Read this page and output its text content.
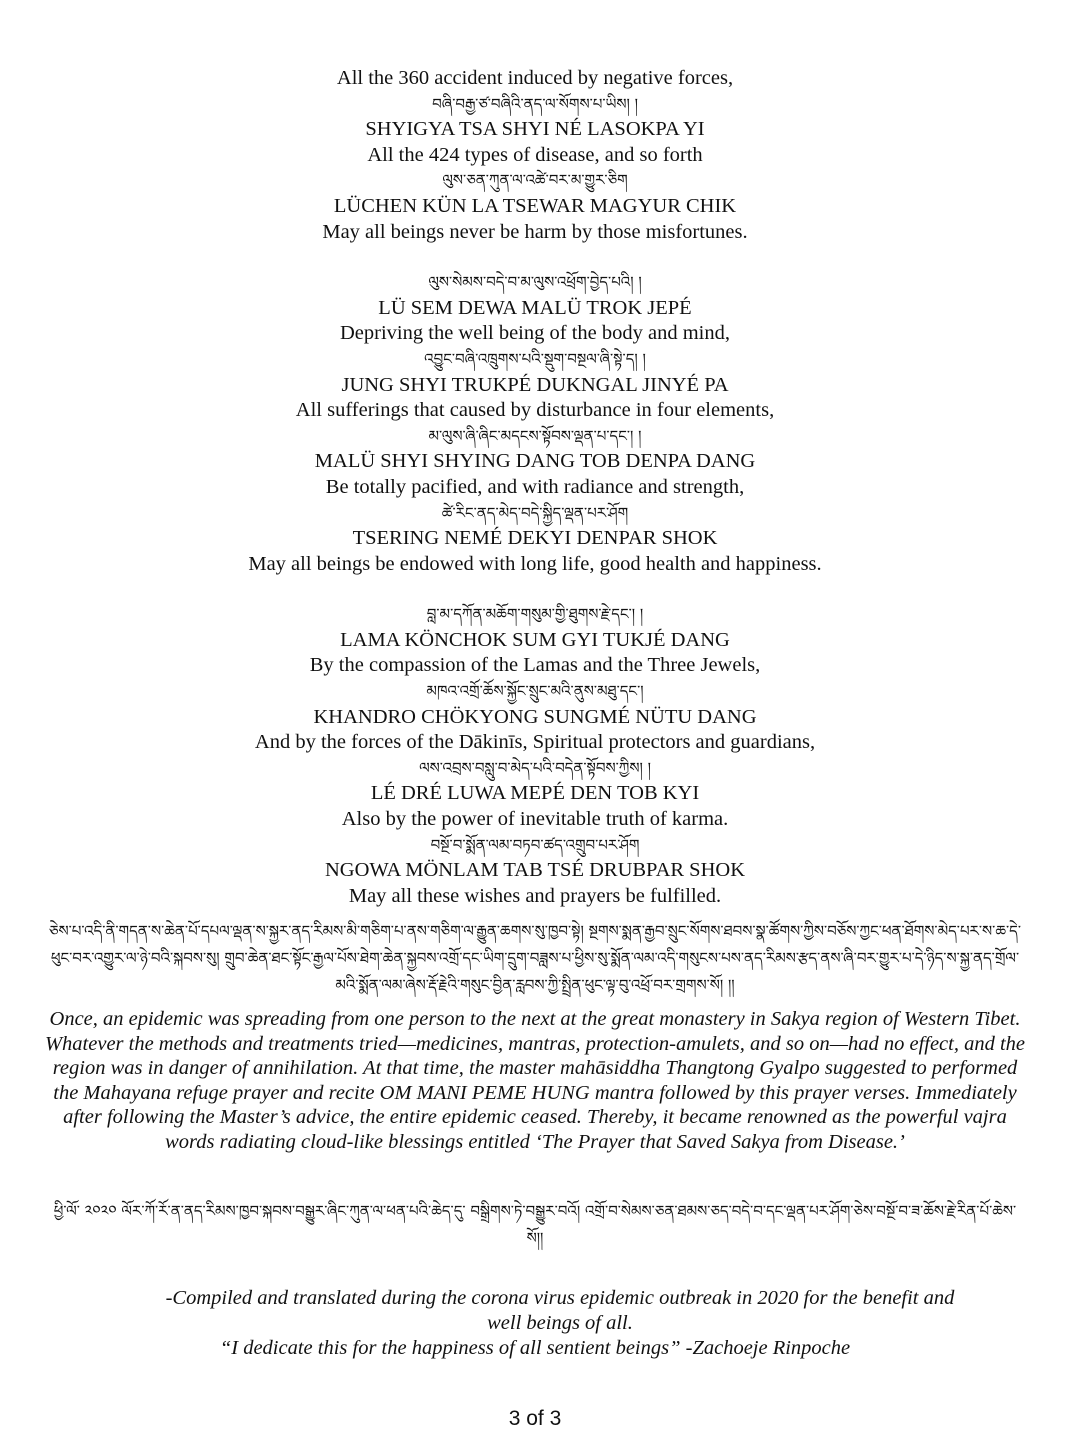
All the 360 accident induced by negative forces,
བཞི་བརྒྱ་ཙ་བཞིའི་ནད་ལ་སོགས་པ་ཡིས། །
SHYIGYA TSA SHYI NÉ LASOKPA YI
All the 424 types of disease, and so forth
ལུས་ཅན་ཀུན་ལ་འཚེ་བར་མ་གྱུར་ཅིག
LÜCHEN KÜN LA TSEWAR MAGYUR CHIK
May all beings never be harm by those misfortunes.
ལུས་སེམས་བདེ་བ་མ་ལུས་འཕྲོག་བྱེད་པའི། །
LÜ SEM DEWA MALÜ TROK JEPÉ
Depriving the well being of the body and mind,
འབྱུང་བཞི་འཁྲུགས་པའི་སྡུག་བསྔལ་ཞི་སྟེ་ད། །
JUNG SHYI TRUKPÉ DUKNGAL JINYÉ PA
All sufferings that caused by disturbance in four elements,
མ་ལུས་ཞི་ཞིང་མདངས་སྟོབས་ལྡན་པ་དང་། །
MALÜ SHYI SHYING DANG TOB DENPA DANG
Be totally pacified, and with radiance and strength,
ཚེ་རིང་ནད་མེད་བདེ་སྐྱིད་ལྡན་པར་ཤོག
TSERING NEMÉ DEKYI DENPAR SHOK
May all beings be endowed with long life, good health and happiness.
བླ་མ་དཀོན་མཆོག་གསུམ་གྱི་ཐུགས་རྗེ་དང་། །
LAMA KÖNCHOK SUM GYI TUKJÉ DANG
By the compassion of the Lamas and the Three Jewels,
མཁའ་འགྲོ་ཆོས་སྐྱོང་སྲུང་མའི་ནུས་མཐུ་དང་།
KHANDRO CHÖKYONG SUNGMÉ NÜTU DANG
And by the forces of the Dākinīs, Spiritual protectors and guardians,
ལས་འབྲས་བསླུ་བ་མེད་པའི་བདེན་སྟོབས་ཀྱིས། །
LÉ DRÉ LUWA MEPÉ DEN TOB KYI
Also by the power of inevitable truth of karma.
བསྔོ་བ་སྨོན་ལམ་བཏབ་ཚད་འགྲུབ་པར་ཤོག
NGOWA MÖNLAM TAB TSÉ DRUBPAR SHOK
May all these wishes and prayers be fulfilled.
ཅེས་པ་འདི་ནི་གདན་ས་ཆེན་པོ་དཔལ་ལྡན་ས་སྐྱར་ནད་རིམས་མི་གཅིག་པ་ནས་གཅིག་ལ་རྒྱུན་ཆགས་སུ་ཁྱབ་སྟེ། སྔགས་སྨན་རྒྱབ་སྲུང་སོགས་ཐབས་སྣ་ཚོགས་ཀྱིས་བཅོས་ཀྱང་ཕན་ཐོགས་མེད་པར་ས་ཆ་དེ་ཕུང་བར་འགྱུར་ལ་ཉེ་བའི་སྐབས་སུ། གྲུབ་ཆེན་ཐང་སྟོང་རྒྱལ་པོས་ཐེག་ཆེན་སྐྱབས་འགྲོ་དང་ཡིག་དྲུག་བཟླས་པ་ཕྱིས་སུ་སྨོན་ལམ་འདི་གསུངས་པས་ནད་རིམས་རྩད་ནས་ཞི་བར་གྱུར་པ་དེ་ཉིད་ས་སྐྱ་ནད་གྲོལ་མའི་སྨོན་ལམ་ཞེས་རྡོ་རྗེའི་གསུང་བྱིན་རླབས་ཀྱི་སྤྲིན་ཕུང་ལྟ་བུ་འཕྲོ་བར་གྲགས་སོ། །།
Once, an epidemic was spreading from one person to the next at the great monastery in Sakya region of Western Tibet. Whatever the methods and treatments tried—medicines, mantras, protection-amulets, and so on—had no effect, and the region was in danger of annihilation. At that time, the master mahāsiddha Thangtong Gyalpo suggested to performed the Mahayana refuge prayer and recite OM MANI PEME HUNG mantra followed by this prayer verses. Immediately after following the Master’s advice, the entire epidemic ceased. Thereby, it became renowned as the powerful vajra words radiating cloud-like blessings entitled ‘The Prayer that Saved Sakya from Disease.’
ཕྱི་ལོ་ ༢༠༢༠ ལོར་ཀོ་རོ་ན་ནད་རིམས་ཁྱབ་སྐབས་བསྒྱུར་ཞིང་ཀུན་ལ་ཕན་པའི་ཆེད་དུ་ བསྒྲིགས་ཏེ་བསྒྱུར་བའོ། འགྲོ་བ་སེམས་ཅན་ཐམས་ཅད་བདེ་བ་དང་ལྡན་པར་ཤོག་ཅེས་བསྔོ་བ་ཟ་ཆོས་རྗེ་རིན་པོ་ཆེས་སོ།།
-Compiled and translated during the corona virus epidemic outbreak in 2020 for the benefit and well beings of all.
“I dedicate this for the happiness of all sentient beings” -Zachoeje Rinpoche
3 of 3
